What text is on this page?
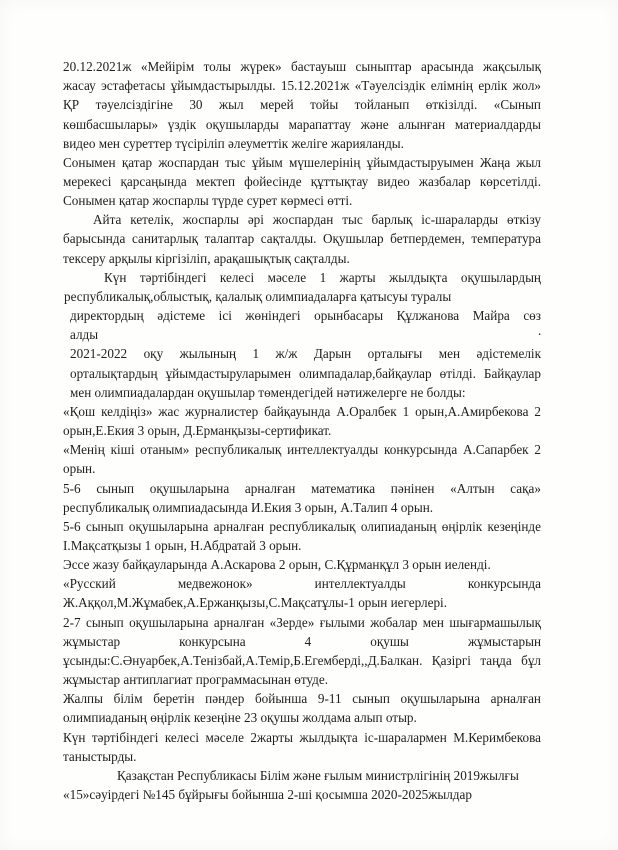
20.12.2021ж «Мейірім толы жүрек» бастауыш сыныптар арасында жақсылық
жасау эстафетасы ұйымдастырылды. 15.12.2021ж «Тәуелсіздік елімнің ерлік жол»
ҚР тәуелсіздігіне 30 жыл мерей тойы тойланып өткізілді. «Сынып
көшбасшылары» үздік оқушыларды марапаттау және алынған материалдарды
видео мен суреттер түсіріліп әлеуметтік желіге жарияланды.
Сонымен қатар жоспардан тыс ұйым мүшелерінің ұйымдастыруымен Жаңа жыл
мерекесі қарсаңында мектеп фойесінде құттықтау видео жазбалар көрсетілді.
Сонымен қатар жоспарлы түрде сурет көрмесі өтті.
Айта кетелік, жоспарлы әрі жоспардан тыс барлық іс-шараларды өткізу
барысында санитарлық талаптар сақталды. Оқушылар бетпердемен, температура
тексеру арқылы кіргізіліп, арақашықтық сақталды.
Күн тәртібіндегі келесі мәселе 1 жарты жылдықта оқушылардың
республикалық,облыстық, қалалық олимпиадаларға қатысуы туралы
директордың әдістеме ісі жөніндегі орынбасары Құлжанова Майра сөз
алды	.
2021-2022 оқу жылының 1 ж/ж Дарын орталығы мен әдістемелік
орталықтардың ұйымдастыруларымен олимпадалар,байқаулар өтілді. Байқаулар
мен олимпиадалардан оқушылар төмендегідей нәтижелерге не болды:
«Қош келдіңіз» жас журналистер байқауында А.Оралбек 1 орын,А.Амирбекова 2
орын,Е.Екия 3 орын, Д.Ерманқызы-сертификат.
«Менің кіші отаным» республикалық интеллектуалды конкурсында А.Сапарбек 2
орын.
5-6 сынып оқушыларына арналған математика пәнінен «Алтын сақа»
республикалық олимпиадасында И.Екия 3 орын, А.Талип 4 орын.
5-6 сынып оқушыларына арналған республикалық олипиаданың өңірлік кезеңінде
І.Мақсатқызы 1 орын, Н.Абдратай 3 орын.
Эссе жазу байқауларында А.Аскарова 2 орын, С.Құрманқұл 3 орын иеленді.
«Русский медвежонок» интеллектуалды конкурсында
Ж.Аққол,М.Жұмабек,А.Ержанқызы,С.Мақсатұлы-1 орын иегерлері.
2-7 сынып оқушыларына арналған «Зерде» ғылыми жобалар мен шығармашылық
жұмыстар конкурсына 4 оқушы жұмыстарын
ұсынды:С.Әнуарбек,А.Тенізбай,А.Темір,Б.Егемберді,,Д.Балкан. Қазіргі таңда бұл
жұмыстар антиплагиат программасынан өтуде.
Жалпы білім беретін пәндер бойынша 9-11 сынып оқушыларына арналған
олимпиаданың өңірлік кезеңіне 23 оқушы жолдама алып отыр.
Күн тәртібіндегі келесі мәселе 2жарты жылдықта іс-шаралармен М.Керимбекова
таныстырды.
Қазақстан Республикасы Білім және ғылым министрлігінің 2019жылғы
«15»сәуірдегі №145 бұйрығы бойынша 2-ші қосымша 2020-2025жылдар
